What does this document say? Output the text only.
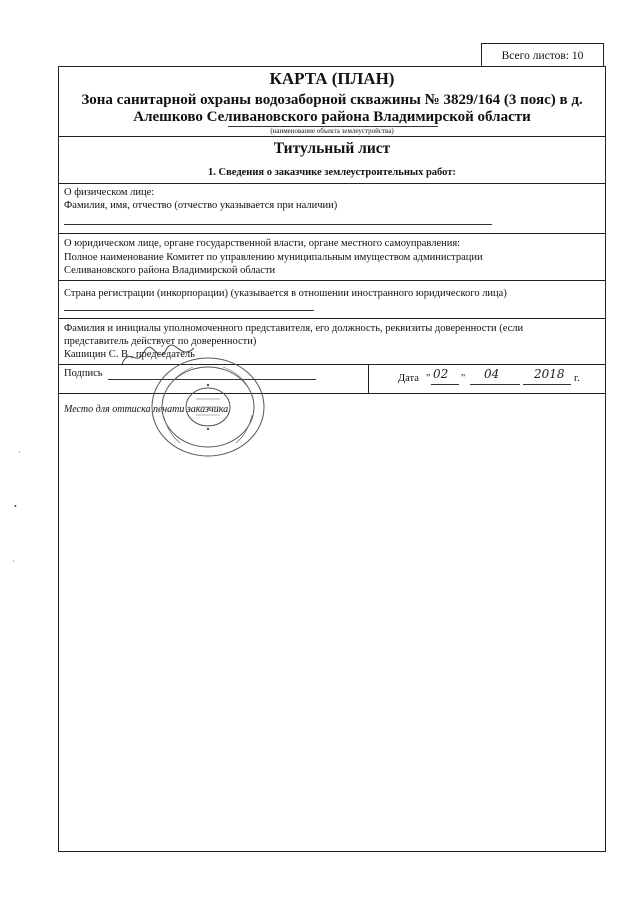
Всего листов: 10
КАРТА (ПЛАН)
Зона санитарной охраны водозаборной скважины № 3829/164 (3 пояс) в д.
Алешково Селивановского района Владимирской области
(наименование объекта землеустройства)
Титульный лист
1. Сведения о заказчике землеустроительных работ:
О физическом лице:
Фамилия, имя, отчество (отчество указывается при наличии)
О юридическом лице, органе государственной власти, органе местного самоуправления:
Полное наименование Комитет по управлению муниципальным имуществом администрации
Селивановского района Владимирской области
Страна регистрации (инкорпорации) (указывается в отношении иностранного юридического лица)
Фамилия и инициалы уполномоченного представителя, его должность, реквизиты доверенности (если
представитель действует по доверенности)
Кашицин С. В., председатель
Подпись	Дата " 02 " 04	2018 г.
Место для оттиска печати заказчика
·
•
·
